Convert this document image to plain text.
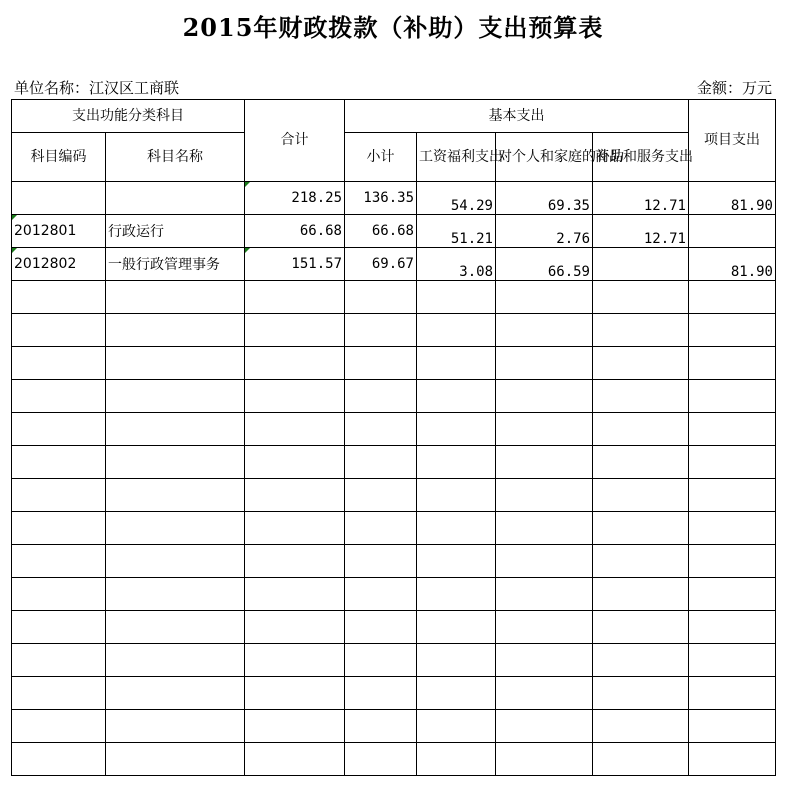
2015年财政拨款（补助）支出预算表
单位名称：江汉区工商联	金额：万元
支出功能分类科目		合计	基本支出				项目支出
科目编码	科目名称		小计	工资福利支出	对个人和家庭的补助	商品和服务支出	
		218.25	136.35	54.29	69.35	12.71	81.90
2012801	行政运行	66.68	66.68	51.21	2.76	12.71	
2012802	一般行政管理事务	151.57	69.67	3.08	66.59		81.90
